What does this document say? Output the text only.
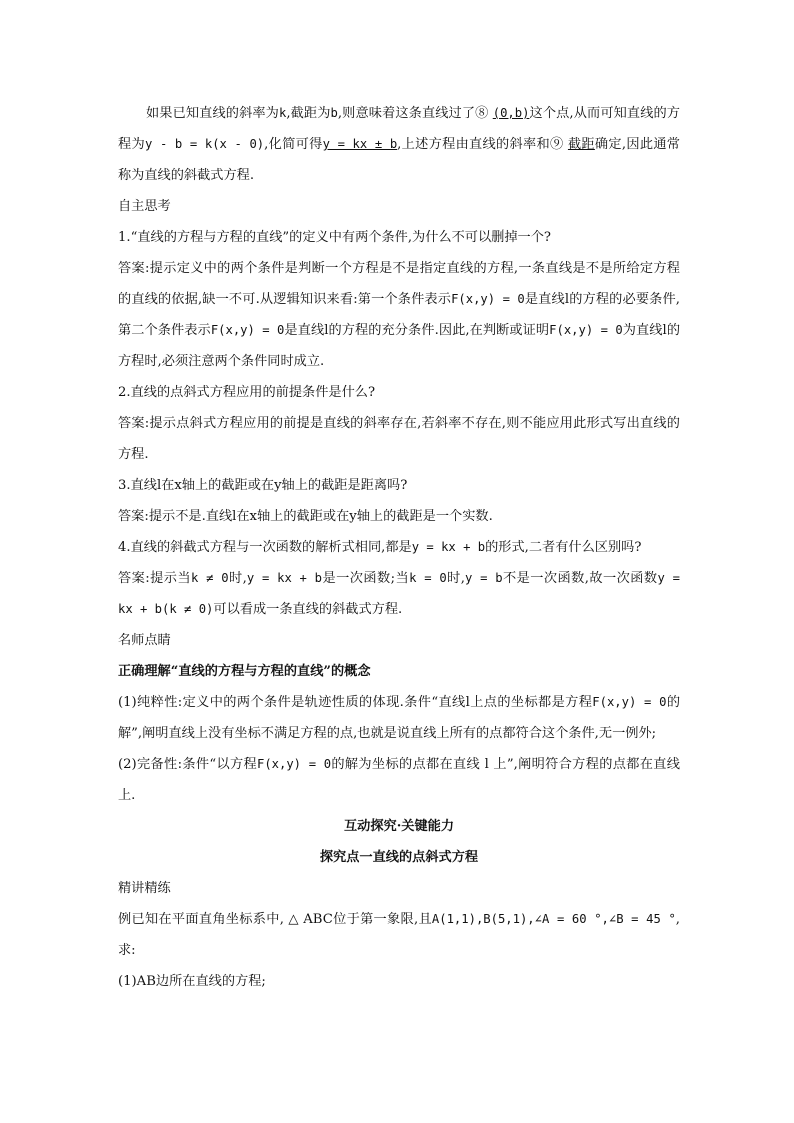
如果已知直线的斜率为k,截距为b,则意味着这条直线过了⑧ (0,b)这个点,从而可知直线的方程为y - b = k(x - 0),化简可得y = kx ± b,上述方程由直线的斜率和⑨ 截距确定,因此通常称为直线的斜截式方程.

自主思考

1.“直线的方程与方程的直线”的定义中有两个条件,为什么不可以删掉一个?

答案:提示定义中的两个条件是判断一个方程是不是指定直线的方程,一条直线是不是所给定方程的直线的依据,缺一不可.从逻辑知识来看:第一个条件表示F(x,y) = 0是直线l的方程的必要条件,第二个条件表示F(x,y) = 0是直线l的方程的充分条件.因此,在判断或证明F(x,y) = 0为直线l的方程时,必须注意两个条件同时成立.

2.直线的点斜式方程应用的前提条件是什么?

答案:提示点斜式方程应用的前提是直线的斜率存在,若斜率不存在,则不能应用此形式写出直线的方程.

3.直线l在x轴上的截距或在y轴上的截距是距离吗?

答案:提示不是.直线l在x轴上的截距或在y轴上的截距是一个实数.

4.直线的斜截式方程与一次函数的解析式相同,都是y = kx + b的形式,二者有什么区别吗?

答案:提示当k ≠ 0时,y = kx + b是一次函数;当k = 0时,y = b不是一次函数,故一次函数y = kx + b(k ≠ 0)可以看成一条直线的斜截式方程.

名师点睛

正确理解“直线的方程与方程的直线”的概念

(1)纯粹性:定义中的两个条件是轨迹性质的体现.条件“直线l上点的坐标都是方程F(x,y) = 0的解”,阐明直线上没有坐标不满足方程的点,也就是说直线上所有的点都符合这个条件,无一例外;

(2)完备性:条件“以方程F(x,y) = 0的解为坐标的点都在直线 l 上”,阐明符合方程的点都在直线上.

互动探究·关键能力

探究点一直线的点斜式方程

精讲精练

例已知在平面直角坐标系中, △ ABC位于第一象限,且A(1,1),B(5,1),∠A = 60 °,∠B = 45 °,求:

(1)AB边所在直线的方程;
